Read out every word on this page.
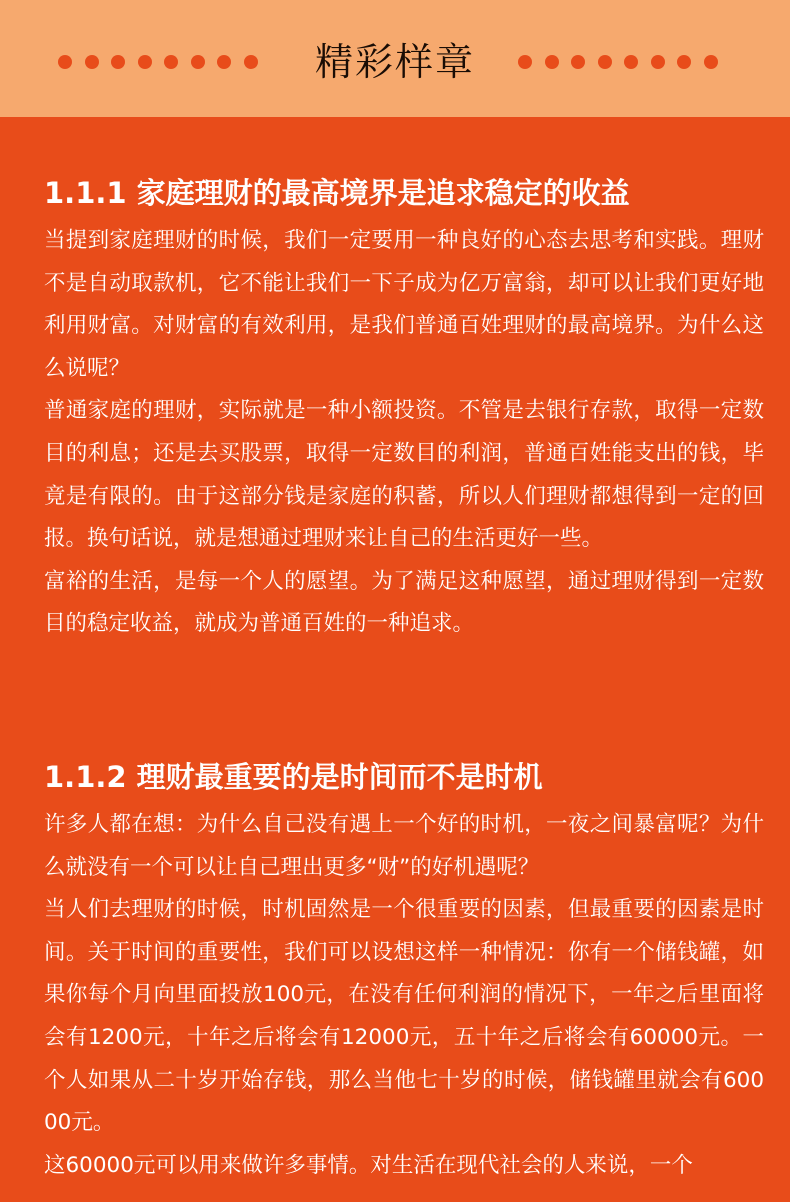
精彩样章
1.1.1 家庭理财的最高境界是追求稳定的收益

当提到家庭理财的时候，我们一定要用一种良好的心态去思考和实践。理财不是自动取款机，它不能让我们一下子成为亿万富翁，却可以让我们更好地利用财富。对财富的有效利用，是我们普通百姓理财的最高境界。为什么这么说呢？

普通家庭的理财，实际就是一种小额投资。不管是去银行存款，取得一定数目的利息；还是去买股票，取得一定数目的利润，普通百姓能支出的钱，毕竟是有限的。由于这部分钱是家庭的积蓄，所以人们理财都想得到一定的回报。换句话说，就是想通过理财来让自己的生活更好一些。

富裕的生活，是每一个人的愿望。为了满足这种愿望，通过理财得到一定数目的稳定收益，就成为普通百姓的一种追求。

1.1.2 理财最重要的是时间而不是时机

许多人都在想：为什么自己没有遇上一个好的时机，一夜之间暴富呢？为什么就没有一个可以让自己理出更多“财”的好机遇呢？

当人们去理财的时候，时机固然是一个很重要的因素，但最重要的因素是时间。关于时间的重要性，我们可以设想这样一种情况：你有一个储钱罐，如果你每个月向里面投放100元，在没有任何利润的情况下，一年之后里面将会有1200元，十年之后将会有12000元，五十年之后将会有60000元。一个人如果从二十岁开始存钱，那么当他七十岁的时候，储钱罐里就会有60000元。

这60000元可以用来做许多事情。对生活在现代社会的人来说，一个
